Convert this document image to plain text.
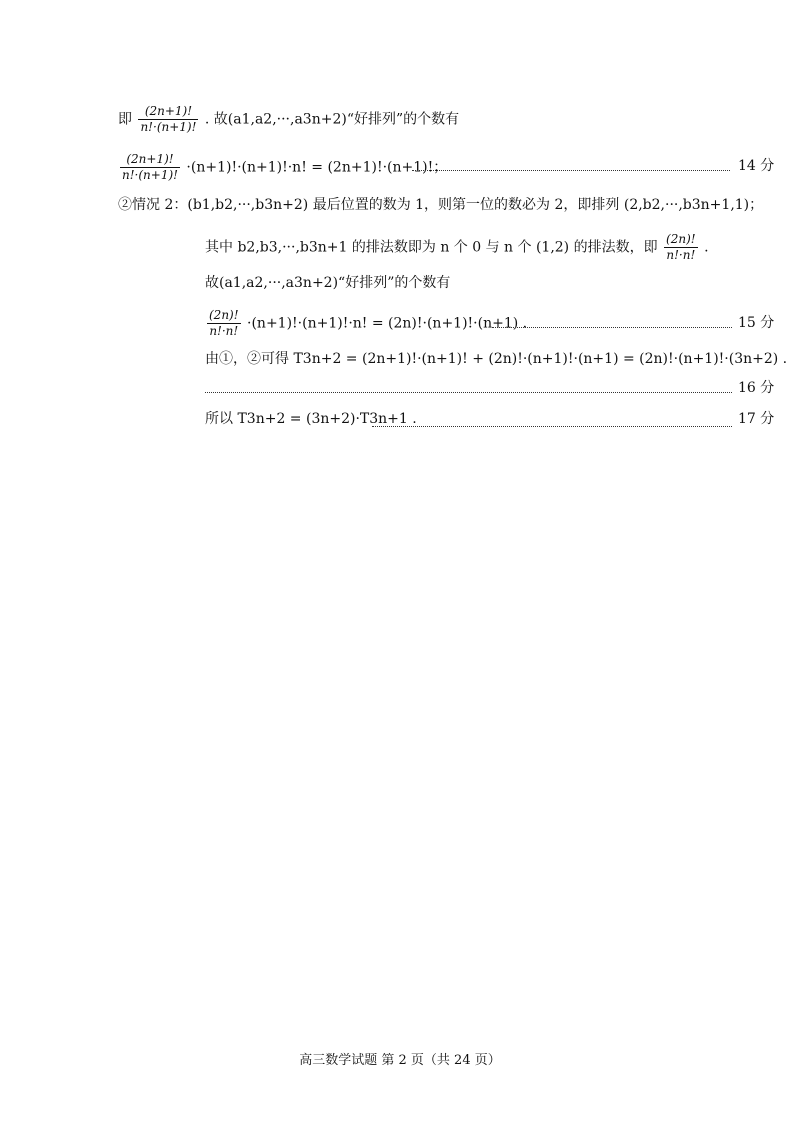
即 $\frac{(2n+1)!}{n!\cdot(n+1)!}$ . 故(a1,a2,···,a3n+2)“好排列”的个数有
$\frac{(2n+1)!}{n!\cdot(n+1)!} \cdot(n+1)!\cdot(n+1)!\cdot n$! = (2n+1)!·(n+1)!；	14 分
②情况 2：(b1,b2,···,b3n+2) 最后位置的数为 1，则第一位的数必为 2，即排列 (2,b2,···,b3n+1,1)；
其中 b2,b3,···,b3n+1 的排法数即为 n 个 0 与 n 个 (1,2) 的排法数，即 $\frac{(2n)!}{n!\cdot n!}$ .
故(a1,a2,···,a3n+2)“好排列”的个数有
$\frac{(2n)!}{n!\cdot n!} \cdot(n+1)!\cdot(n+1)!\cdot n$! = (2n)!·(n+1)!·(n+1) .	15 分
由①，②可得 T3n+2 = (2n+1)!·(n+1)! + (2n)!·(n+1)!·(n+1) = (2n)!·(n+1)!·(3n+2) .
16 分
所以 T3n+2 = (3n+2)·T3n+1 .	17 分
高三数学试题 第 2 页（共 24 页）
